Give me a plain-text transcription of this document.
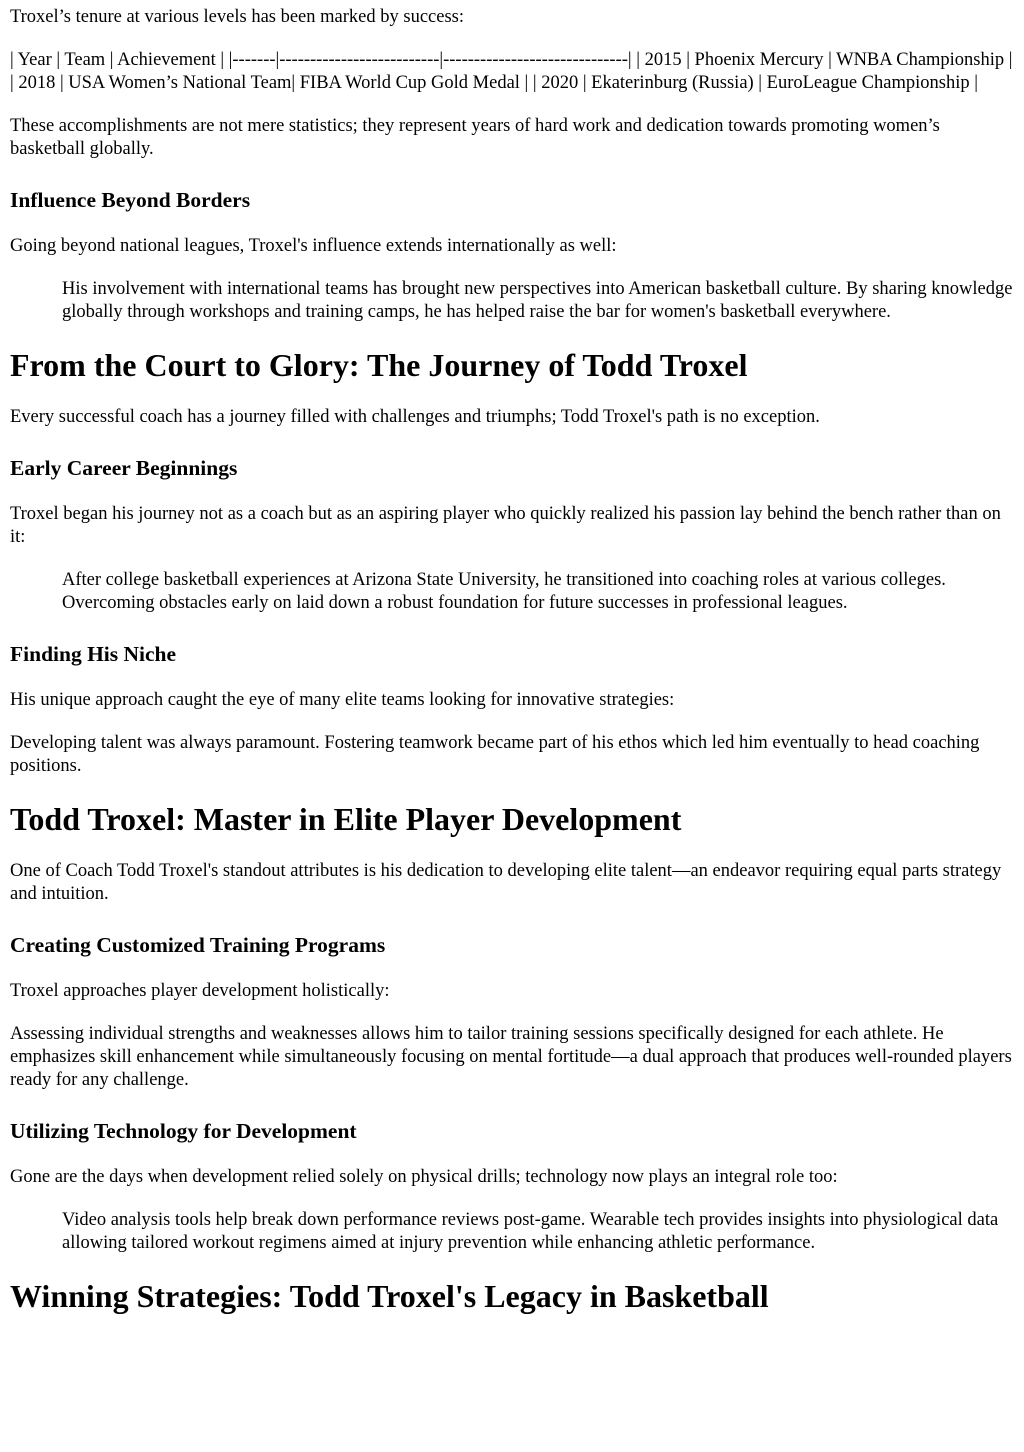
Troxel’s tenure at various levels has been marked by success:

| Year | Team | Achievement | |-------|--------------------------|------------------------------| | 2015 | Phoenix Mercury | WNBA Championship | | 2018 | USA Women’s National Team| FIBA World Cup Gold Medal | | 2020 | Ekaterinburg (Russia) | EuroLeague Championship |

These accomplishments are not mere statistics; they represent years of hard work and dedication towards promoting women’s basketball globally.

Influence Beyond Borders

Going beyond national leagues, Troxel's influence extends internationally as well:

His involvement with international teams has brought new perspectives into American basketball culture. By sharing knowledge globally through workshops and training camps, he has helped raise the bar for women's basketball everywhere.
From the Court to Glory: The Journey of Todd Troxel

Every successful coach has a journey filled with challenges and triumphs; Todd Troxel's path is no exception.

Early Career Beginnings

Troxel began his journey not as a coach but as an aspiring player who quickly realized his passion lay behind the bench rather than on it:

After college basketball experiences at Arizona State University, he transitioned into coaching roles at various colleges. Overcoming obstacles early on laid down a robust foundation for future successes in professional leagues.
Finding His Niche

His unique approach caught the eye of many elite teams looking for innovative strategies:

Developing talent was always paramount. Fostering teamwork became part of his ethos which led him eventually to head coaching positions.

Todd Troxel: Master in Elite Player Development

One of Coach Todd Troxel's standout attributes is his dedication to developing elite talent—an endeavor requiring equal parts strategy and intuition.

Creating Customized Training Programs

Troxel approaches player development holistically:

Assessing individual strengths and weaknesses allows him to tailor training sessions specifically designed for each athlete. He emphasizes skill enhancement while simultaneously focusing on mental fortitude—a dual approach that produces well-rounded players ready for any challenge.

Utilizing Technology for Development

Gone are the days when development relied solely on physical drills; technology now plays an integral role too:

Video analysis tools help break down performance reviews post-game. Wearable tech provides insights into physiological data allowing tailored workout regimens aimed at injury prevention while enhancing athletic performance.
Winning Strategies: Todd Troxel's Legacy in Basketball
